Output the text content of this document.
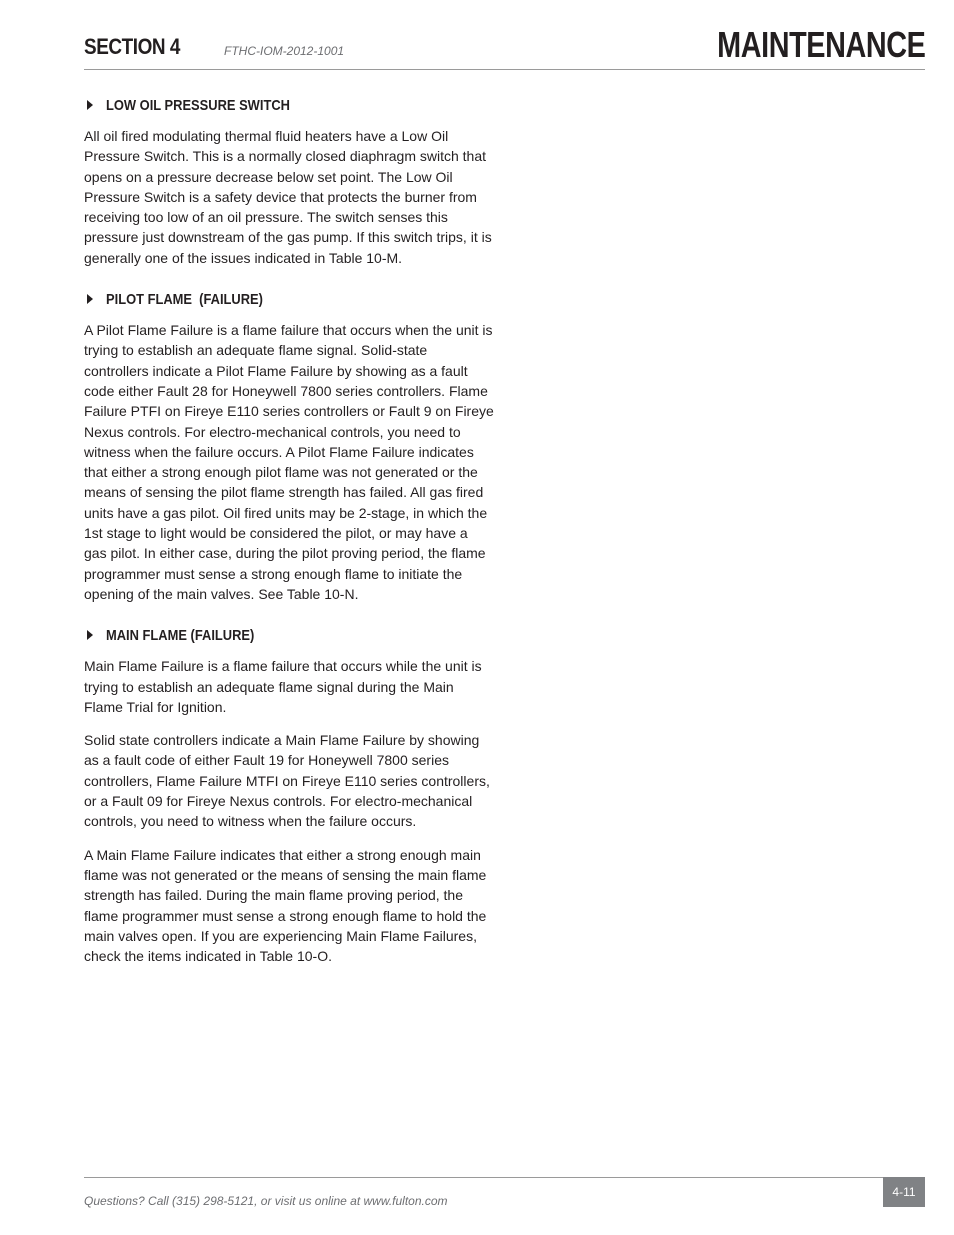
SECTION 4	FTHC-IOM-2012-1001	MAINTENANCE
LOW OIL PRESSURE SWITCH

All oil fired modulating thermal fluid heaters have a Low Oil Pressure Switch. This is a normally closed diaphragm switch that opens on a pressure decrease below set point. The Low Oil Pressure Switch is a safety device that protects the burner from receiving too low of an oil pressure. The switch senses this pressure just downstream of the gas pump. If this switch trips, it is generally one of the issues indicated in Table 10-M.

PILOT FLAME  (FAILURE)

A Pilot Flame Failure is a flame failure that occurs when the unit is trying to establish an adequate flame signal. Solid-state controllers indicate a Pilot Flame Failure by showing as a fault code either Fault 28 for Honeywell 7800 series controllers. Flame Failure PTFI on Fireye E110 series controllers or Fault 9 on Fireye Nexus controls. For electro-mechanical controls, you need to witness when the failure occurs. A Pilot Flame Failure indicates that either a strong enough pilot flame was not generated or the means of sensing the pilot flame strength has failed. All gas fired units have a gas pilot. Oil fired units may be 2-stage, in which the 1st stage to light would be considered the pilot, or may have a gas pilot. In either case, during the pilot proving period, the flame programmer must sense a strong enough flame to initiate the opening of the main valves. See Table 10-N.

MAIN FLAME (FAILURE)

Main Flame Failure is a flame failure that occurs while the unit is trying to establish an adequate flame signal during the Main Flame Trial for Ignition.

Solid state controllers indicate a Main Flame Failure by showing as a fault code of either Fault 19 for Honeywell 7800 series controllers, Flame Failure MTFI on Fireye E110 series controllers, or a Fault 09 for Fireye Nexus controls. For electro-mechanical controls, you need to witness when the failure occurs.

A Main Flame Failure indicates that either a strong enough main flame was not generated or the means of sensing the main flame strength has failed. During the main flame proving period, the flame programmer must sense a strong enough flame to hold the main valves open. If you are experiencing Main Flame Failures, check the items indicated in Table 10-O.

Questions? Call (315) 298-5121, or visit us online at www.fulton.com
4-11
